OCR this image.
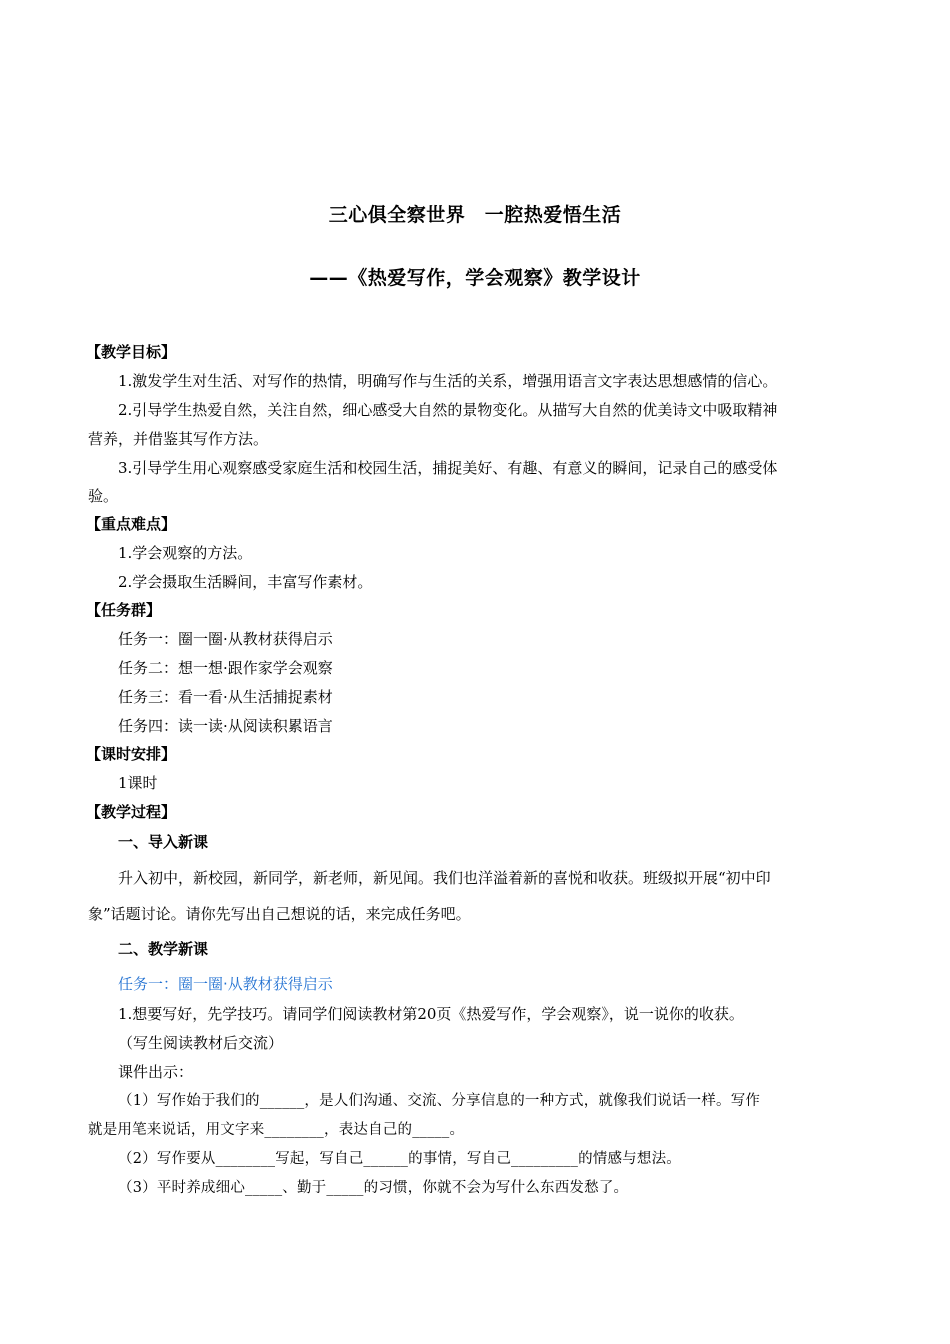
三心俱全察世界　一腔热爱悟生活
——《热爱写作，学会观察》教学设计
【教学目标】
1.激发学生对生活、对写作的热情，明确写作与生活的关系，增强用语言文字表达思想感情的信心。
2.引导学生热爱自然，关注自然，细心感受大自然的景物变化。从描写大自然的优美诗文中吸取精神
营养，并借鉴其写作方法。
3.引导学生用心观察感受家庭生活和校园生活，捕捉美好、有趣、有意义的瞬间，记录自己的感受体
验。
【重点难点】
1.学会观察的方法。
2.学会摄取生活瞬间，丰富写作素材。
【任务群】
任务一：圈一圈·从教材获得启示
任务二：想一想·跟作家学会观察
任务三：看一看·从生活捕捉素材
任务四：读一读·从阅读积累语言
【课时安排】
1课时
【教学过程】
一、导入新课
升入初中，新校园，新同学，新老师，新见闻。我们也洋溢着新的喜悦和收获。班级拟开展“初中印
象”话题讨论。请你先写出自己想说的话，来完成任务吧。
二、教学新课
任务一：圈一圈·从教材获得启示
1.想要写好，先学技巧。请同学们阅读教材第20页《热爱写作，学会观察》，说一说你的收获。
（写生阅读教材后交流）
课件出示：
（1）写作始于我们的______，是人们沟通、交流、分享信息的一种方式，就像我们说话一样。写作
就是用笔来说话，用文字来________，表达自己的_____。
（2）写作要从________写起，写自己______的事情，写自己_________的情感与想法。
（3）平时养成细心_____、勤于_____的习惯，你就不会为写什么东西发愁了。
